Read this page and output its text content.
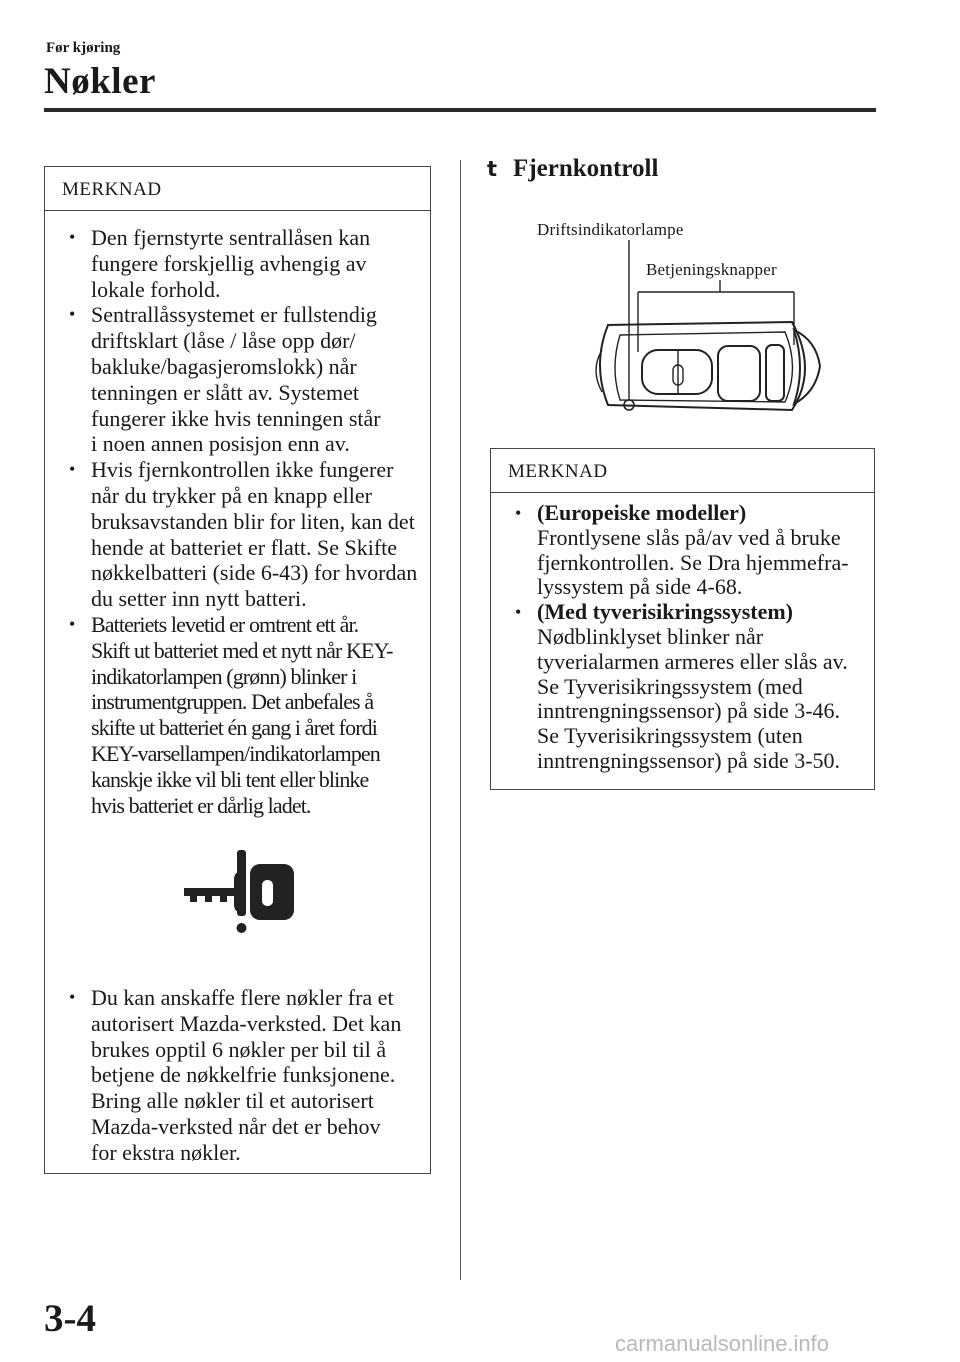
Før kjøring
Nøkler
MERKNAD
• Den fjernstyrte sentrallåsen kan
fungere forskjellig avhengig av
lokale forhold.
• Sentrallåssystemet er fullstendig
driftsklart (låse / låse opp dør/
bakluke/bagasjeromslokk) når
tenningen er slått av. Systemet
fungerer ikke hvis tenningen står
i noen annen posisjon enn av.
• Hvis fjernkontrollen ikke fungerer
når du trykker på en knapp eller
bruksavstanden blir for liten, kan det
hende at batteriet er flatt. Se Skifte
nøkkelbatteri (side 6-43) for hvordan
du setter inn nytt batteri.
• Batteriets levetid er omtrent ett år.
Skift ut batteriet med et nytt når KEY-
indikatorlampen (grønn) blinker i
instrumentgruppen. Det anbefales å
skifte ut batteriet én gang i året fordi
KEY-varsellampen/indikatorlampen
kanskje ikke vil bli tent eller blinke
hvis batteriet er dårlig ladet.
• Du kan anskaffe flere nøkler fra et
autorisert Mazda-verksted. Det kan
brukes opptil 6 nøkler per bil til å
betjene de nøkkelfrie funksjonene.
Bring alle nøkler til et autorisert
Mazda-verksted når det er behov
for ekstra nøkler.
t Fjernkontroll
Driftsindikatorlampe
Betjeningsknapper
MERKNAD
• (Europeiske modeller)
Frontlysene slås på/av ved å bruke
fjernkontrollen. Se Dra hjemmefra-
lyssystem på side 4-68.
• (Med tyverisikringssystem)
Nødblinklyset blinker når
tyverialarmen armeres eller slås av.
Se Tyverisikringssystem (med
inntrengningssensor) på side 3-46.
Se Tyverisikringssystem (uten
inntrengningssensor) på side 3-50.
3-4
carmanualsonline.info
